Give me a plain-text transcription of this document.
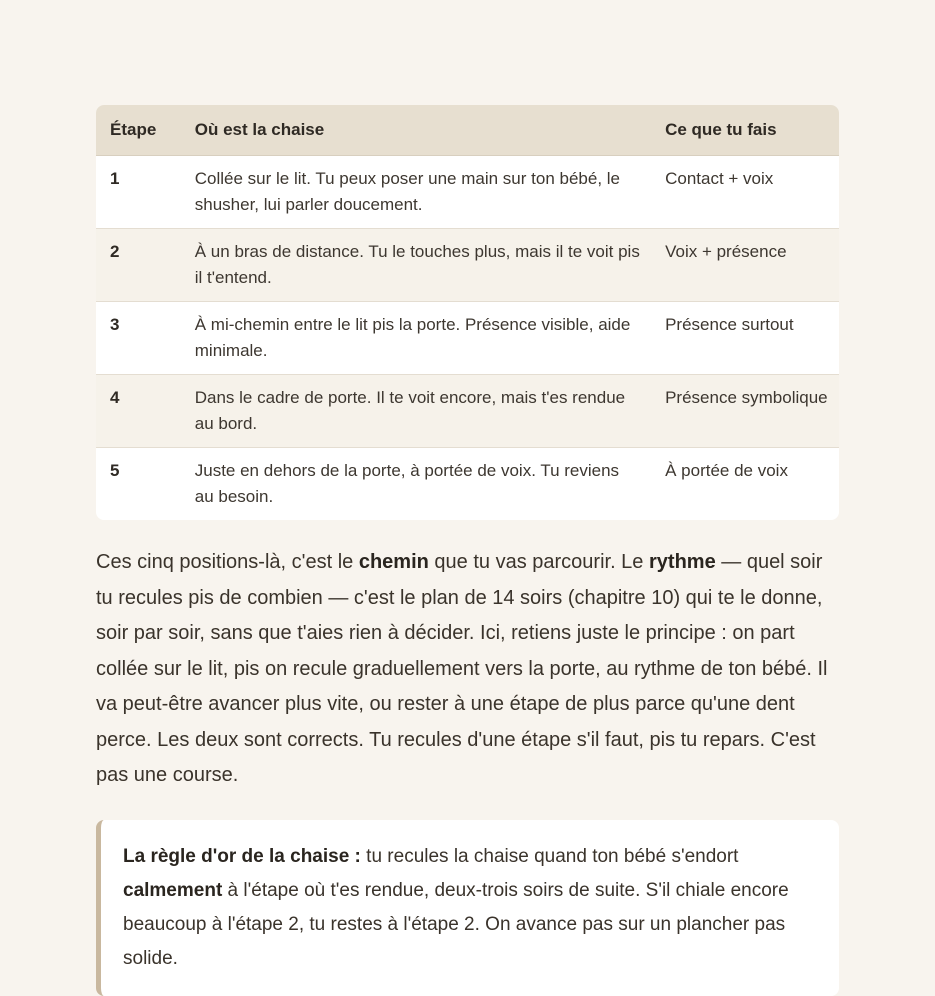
Étape	Où est la chaise	Ce que tu fais
1	Collée sur le lit. Tu peux poser une main sur ton bébé, le shusher, lui parler doucement.	Contact + voix
2	À un bras de distance. Tu le touches plus, mais il te voit pis il t'entend.	Voix + présence
3	À mi-chemin entre le lit pis la porte. Présence visible, aide minimale.	Présence surtout
4	Dans le cadre de porte. Il te voit encore, mais t'es rendue au bord.	Présence symbolique
5	Juste en dehors de la porte, à portée de voix. Tu reviens au besoin.	À portée de voix

Ces cinq positions-là, c'est le chemin que tu vas parcourir. Le rythme — quel soir tu recules pis de combien — c'est le plan de 14 soirs (chapitre 10) qui te le donne, soir par soir, sans que t'aies rien à décider. Ici, retiens juste le principe : on part collée sur le lit, pis on recule graduellement vers la porte, au rythme de ton bébé. Il va peut-être avancer plus vite, ou rester à une étape de plus parce qu'une dent perce. Les deux sont corrects. Tu recules d'une étape s'il faut, pis tu repars. C'est pas une course.

La règle d'or de la chaise : tu recules la chaise quand ton bébé s'endort calmement à l'étape où t'es rendue, deux-trois soirs de suite. S'il chiale encore beaucoup à l'étape 2, tu restes à l'étape 2. On avance pas sur un plancher pas solide.
